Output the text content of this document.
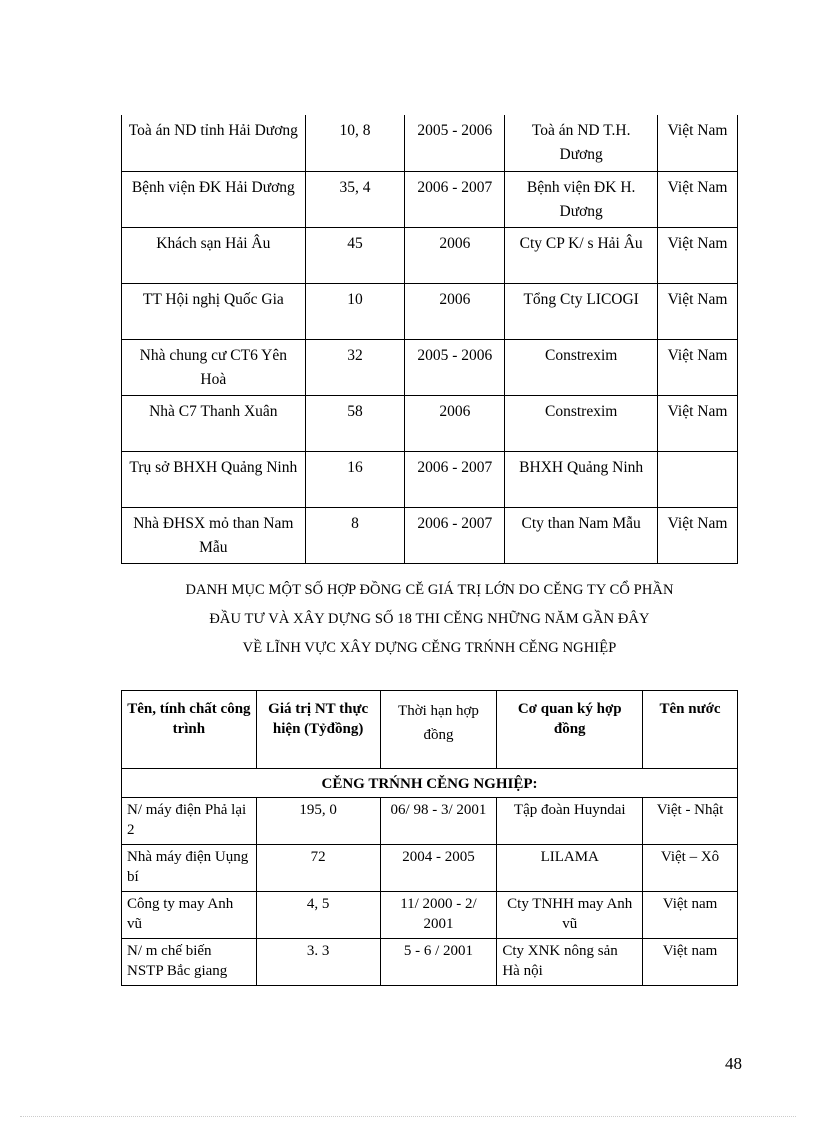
Toà án ND tỉnh Hải Dương	10, 8	2005 - 2006	Toà án ND T.H. Dương	Việt Nam
Bệnh viện ĐK Hải Dương	35, 4	2006 - 2007	Bệnh viện ĐK H. Dương	Việt Nam
Khách sạn Hải Âu	45	2006	Cty CP K/ s Hải Âu	Việt Nam
TT Hội nghị Quốc Gia	10	2006	Tổng Cty LICOGI	Việt Nam
Nhà chung cư CT6 Yên Hoà	32	2005 - 2006	Constrexim	Việt Nam
Nhà C7 Thanh Xuân	58	2006	Constrexim	Việt Nam
Trụ sở BHXH Quảng Ninh	16	2006 - 2007	BHXH Quảng Ninh	
Nhà ĐHSX mỏ than Nam Mẫu	8	2006 - 2007	Cty than Nam Mẫu	Việt Nam
DANH MỤC MỘT SỐ HỢP ĐỒNG CĚ GIÁ TRỊ LỚN DO CĚNG TY CỔ PHẦN
ĐẦU TƯ VÀ XÂY DỰNG SỐ 18 THI CĚNG NHỮNG NĂM GẦN ĐÂY
VỀ LĨNH VỰC XÂY DỰNG CĚNG TRŃNH CĚNG NGHIỆP
Tên, tính chất công trình	Giá trị NT thực hiện (Tỷđồng)	Thời hạn hợp đồng	Cơ quan ký hợp đồng	Tên nước
CĚNG TRŃNH CĚNG NGHIỆP:				
N/ máy điện Phả lại 2	195, 0	06/ 98 - 3/ 2001	Tập đoàn Huyndai	Việt - Nhật
Nhà máy điện Uụng bí	72	2004 - 2005	LILAMA	Việt – Xô
Công ty may Anh vũ	4, 5	11/ 2000 - 2/ 2001	Cty TNHH may Anh vũ	Việt nam
N/ m chế biến NSTP Bắc giang	3. 3	5 - 6 / 2001	Cty XNK nông sản Hà nội	Việt nam
48
